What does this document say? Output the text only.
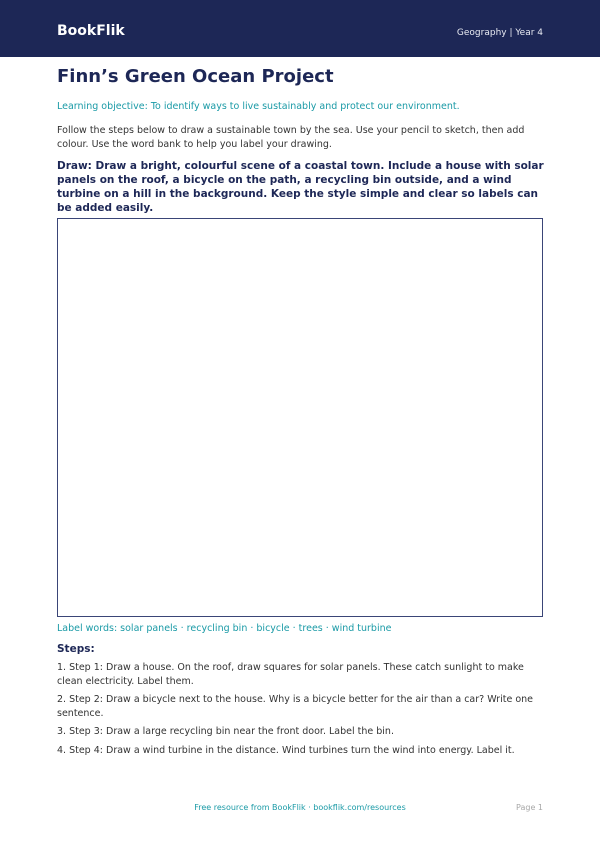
BookFlik	Geography | Year 4
Finn’s Green Ocean Project

Learning objective: To identify ways to live sustainably and protect our environment.

Follow the steps below to draw a sustainable town by the sea. Use your pencil to sketch, then add colour. Use the word bank to help you label your drawing.

Draw: Draw a bright, colourful scene of a coastal town. Include a house with solar panels on the roof, a bicycle on the path, a recycling bin outside, and a wind turbine on a hill in the background. Keep the style simple and clear so labels can be added easily.

Label words: solar panels · recycling bin · bicycle · trees · wind turbine

Steps:
1. Step 1: Draw a house. On the roof, draw squares for solar panels. These catch sunlight to make clean electricity. Label them.
2. Step 2: Draw a bicycle next to the house. Why is a bicycle better for the air than a car? Write one sentence.
3. Step 3: Draw a large recycling bin near the front door. Label the bin.
4. Step 4: Draw a wind turbine in the distance. Wind turbines turn the wind into energy. Label it.
Free resource from BookFlik · bookflik.com/resources	Page 1
